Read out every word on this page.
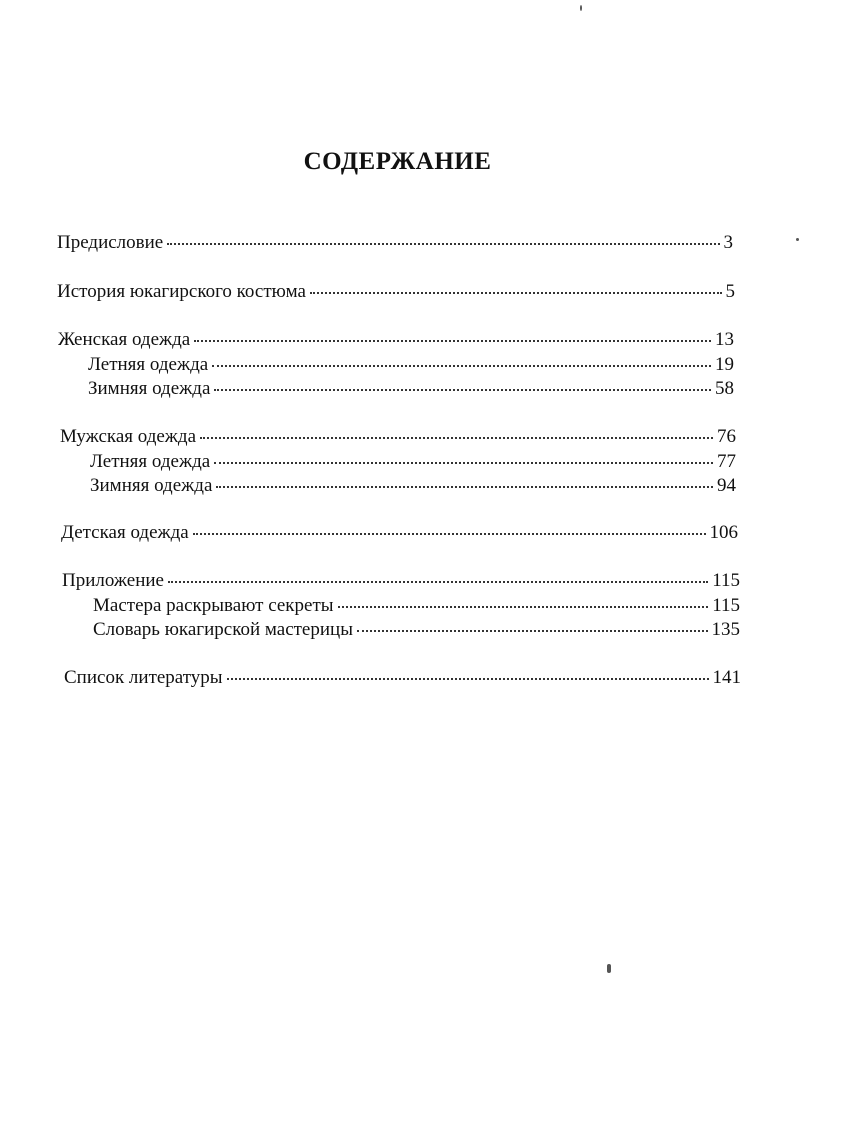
СОДЕРЖАНИЕ
Предисловие	3
История юкагирского костюма	5
Женская одежда	13
Летняя одежда	19
Зимняя одежда	58
Мужская одежда	76
Летняя одежда	77
Зимняя одежда	94
Детская одежда	106
Приложение	115
Мастера раскрывают секреты	115
Словарь юкагирской мастерицы	135
Список литературы	141
